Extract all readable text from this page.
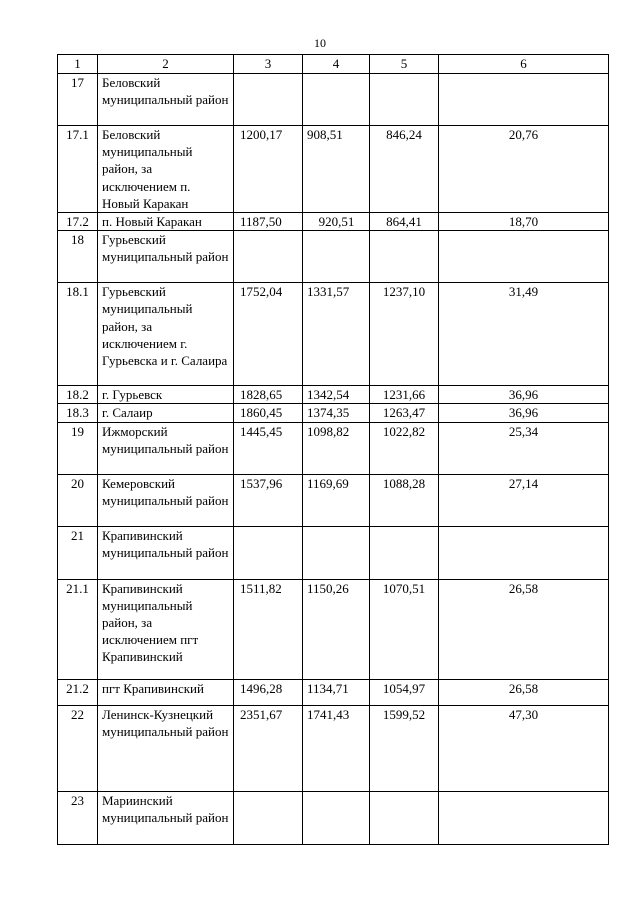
10
1	2	3	4	5	6
17	Беловский муниципальный район				
17.1	Беловский муниципальный район, за исключением п. Новый Каракан	1200,17	908,51	846,24	20,76
17.2	п. Новый Каракан	1187,50	920,51	864,41	18,70
18	Гурьевский муниципальный район				
18.1	Гурьевский муниципальный район, за исключением г. Гурьевска и г. Салаира	1752,04	1331,57	1237,10	31,49
18.2	г. Гурьевск	1828,65	1342,54	1231,66	36,96
18.3	г. Салаир	1860,45	1374,35	1263,47	36,96
19	Ижморский муниципальный район	1445,45	1098,82	1022,82	25,34
20	Кемеровский муниципальный район	1537,96	1169,69	1088,28	27,14
21	Крапивинский муниципальный район				
21.1	Крапивинский муниципальный район, за исключением пгт Крапивинский	1511,82	1150,26	1070,51	26,58
21.2	пгт Крапивинский	1496,28	1134,71	1054,97	26,58
22	Ленинск-Кузнецкий муниципальный район	2351,67	1741,43	1599,52	47,30
23	Мариинский муниципальный район				
